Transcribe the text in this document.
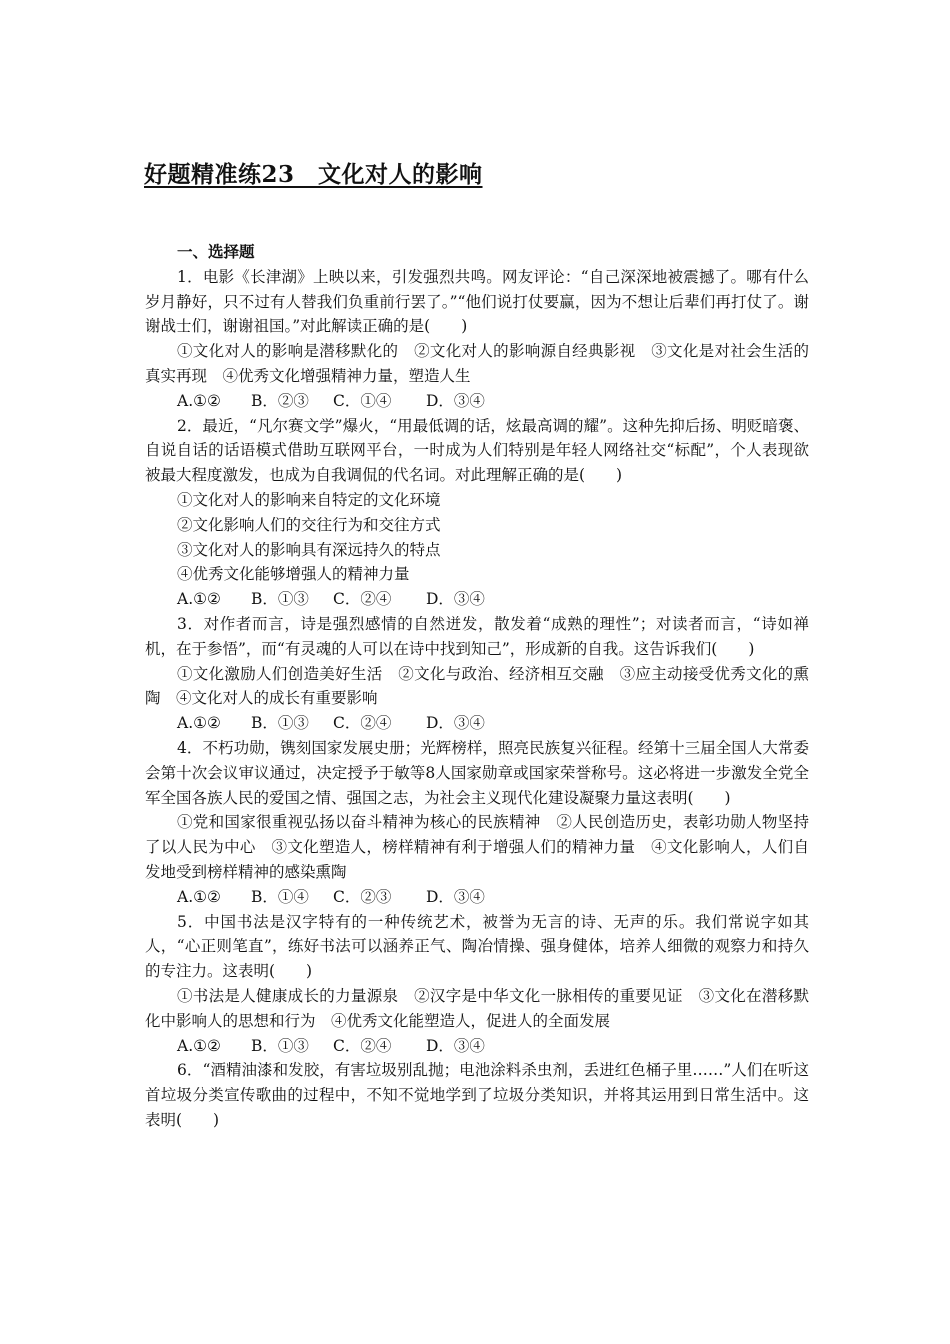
好题精准练23　文化对人的影响
一、选择题

1．电影《长津湖》上映以来，引发强烈共鸣。网友评论：“自己深深地被震撼了。哪有什么岁月静好，只不过有人替我们负重前行罢了。”“他们说打仗要赢，因为不想让后辈们再打仗了。谢谢战士们，谢谢祖国。”对此解读正确的是(　　)

①文化对人的影响是潜移默化的　②文化对人的影响源自经典影视　③文化是对社会生活的真实再现　④优秀文化增强精神力量，塑造人生

A.①② B．②③ C．①④ D．③④

2．最近，“凡尔赛文学”爆火，“用最低调的话，炫最高调的耀”。这种先抑后扬、明贬暗褒、自说自话的话语模式借助互联网平台，一时成为人们特别是年轻人网络社交“标配”，个人表现欲被最大程度激发，也成为自我调侃的代名词。对此理解正确的是(　　)

①文化对人的影响来自特定的文化环境

②文化影响人们的交往行为和交往方式

③文化对人的影响具有深远持久的特点

④优秀文化能够增强人的精神力量

A.①② B．①③ C．②④ D．③④

3．对作者而言，诗是强烈感情的自然迸发，散发着“成熟的理性”；对读者而言，“诗如禅机，在于参悟”，而“有灵魂的人可以在诗中找到知己”，形成新的自我。这告诉我们(　　)

①文化激励人们创造美好生活　②文化与政治、经济相互交融　③应主动接受优秀文化的熏陶　④文化对人的成长有重要影响

A.①② B．①③ C．②④ D．③④

4．不朽功勋，镌刻国家发展史册；光辉榜样，照亮民族复兴征程。经第十三届全国人大常委会第十次会议审议通过，决定授予于敏等8人国家勋章或国家荣誉称号。这必将进一步激发全党全军全国各族人民的爱国之情、强国之志，为社会主义现代化建设凝聚力量这表明(　　)

①党和国家很重视弘扬以奋斗精神为核心的民族精神　②人民创造历史，表彰功勋人物坚持了以人民为中心　③文化塑造人，榜样精神有利于增强人们的精神力量　④文化影响人，人们自发地受到榜样精神的感染熏陶

A.①② B．①④ C．②③ D．③④

5．中国书法是汉字特有的一种传统艺术，被誉为无言的诗、无声的乐。我们常说字如其人，“心正则笔直”，练好书法可以涵养正气、陶冶情操、强身健体，培养人细微的观察力和持久的专注力。这表明(　　)

①书法是人健康成长的力量源泉　②汉字是中华文化一脉相传的重要见证　③文化在潜移默化中影响人的思想和行为　④优秀文化能塑造人，促进人的全面发展

A.①② B．①③ C．②④ D．③④

6．“酒精油漆和发胶，有害垃圾别乱抛；电池涂料杀虫剂，丢进红色桶子里……”人们在听这首垃圾分类宣传歌曲的过程中，不知不觉地学到了垃圾分类知识，并将其运用到日常生活中。这表明(　　)
